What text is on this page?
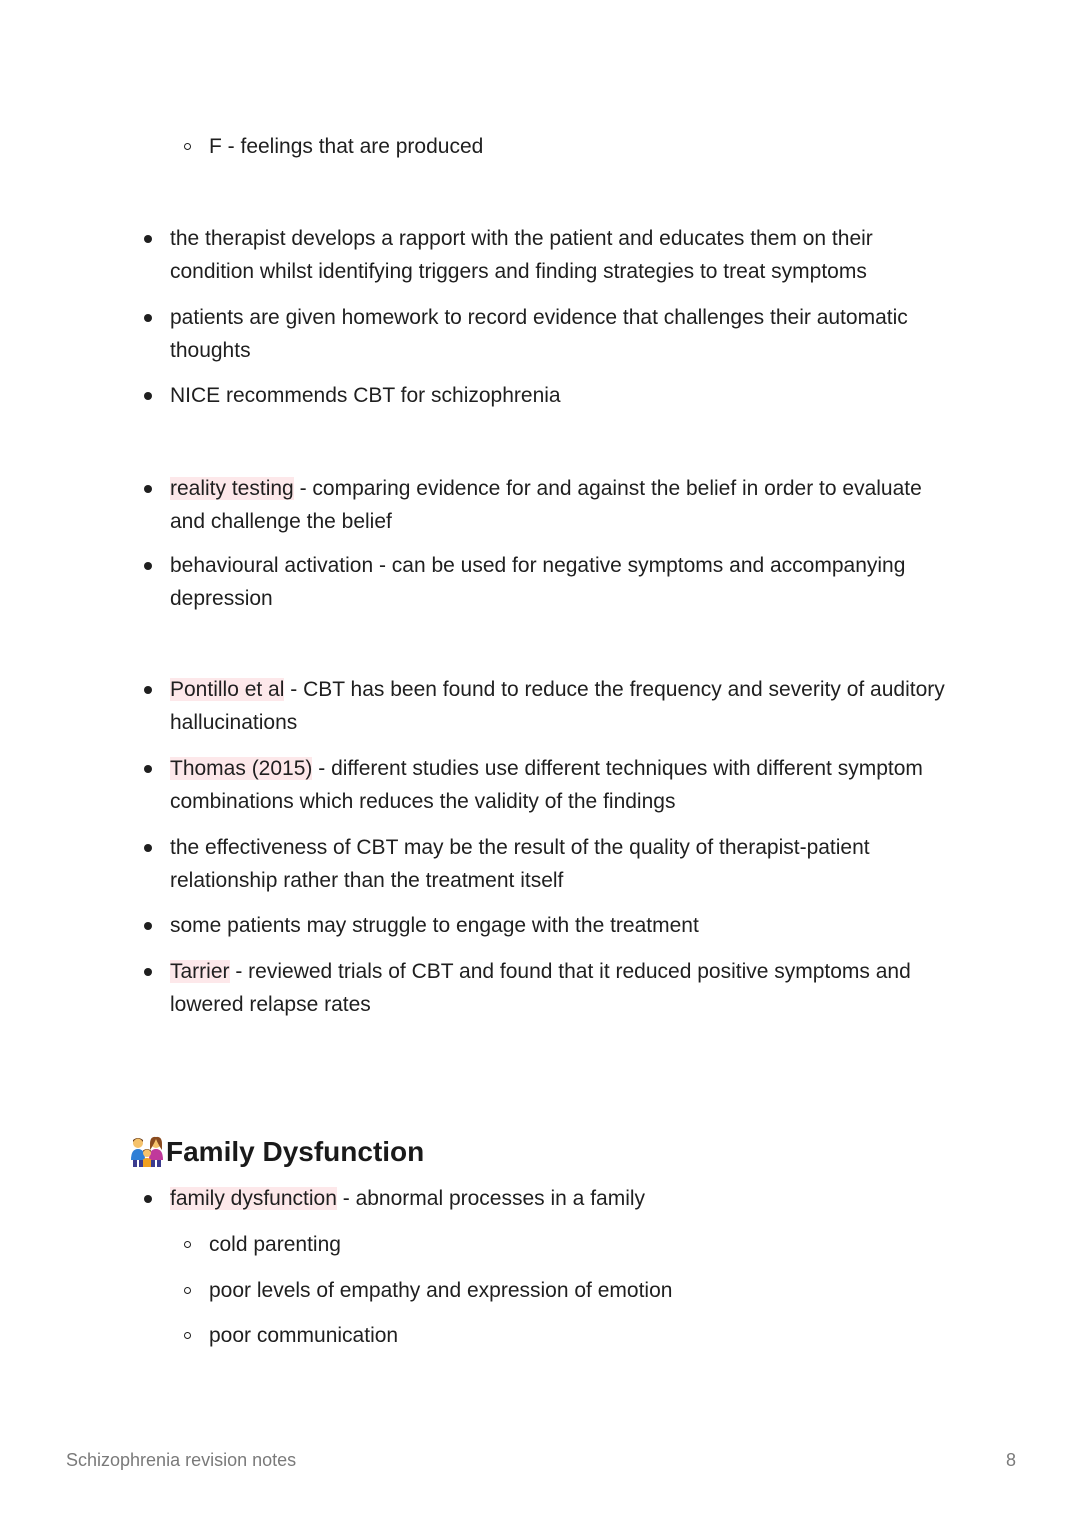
F - feelings that are produced
the therapist develops a rapport with the patient and educates them on their condition whilst identifying triggers and finding strategies to treat symptoms
patients are given homework to record evidence that challenges their automatic thoughts
NICE recommends CBT for schizophrenia
reality testing - comparing evidence for and against the belief in order to evaluate and challenge the belief
behavioural activation - can be used for negative symptoms and accompanying depression
Pontillo et al - CBT has been found to reduce the frequency and severity of auditory hallucinations
Thomas (2015) - different studies use different techniques with different symptom combinations which reduces the validity of the findings
the effectiveness of CBT may be the result of the quality of therapist-patient relationship rather than the treatment itself
some patients may struggle to engage with the treatment
Tarrier - reviewed trials of CBT and found that it reduced positive symptoms and lowered relapse rates
Family Dysfunction
family dysfunction - abnormal processes in a family
cold parenting
poor levels of empathy and expression of emotion
poor communication
Schizophrenia revision notes	8
